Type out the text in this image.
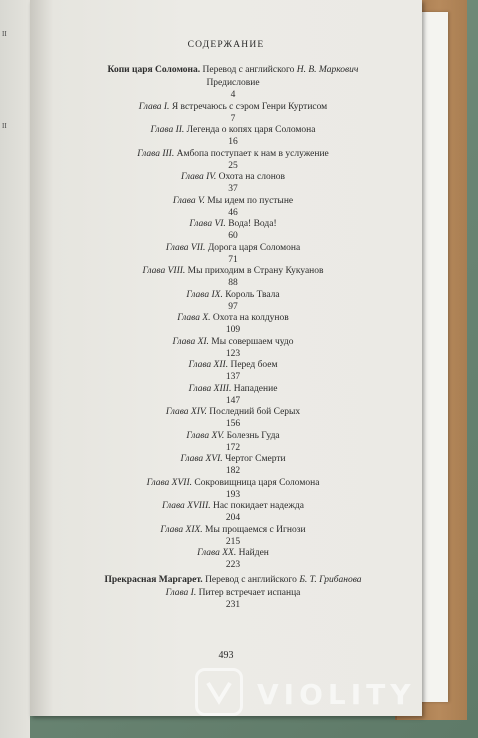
II
II
СОДЕРЖАНИЕ
Копи царя Соломона. Перевод с английского Н. В. Маркович
Предисловие
4
Глава I. Я встречаюсь с сэром Генри Куртисом
7
Глава II. Легенда о копях царя Соломона
16
Глава III. Амбопа поступает к нам в услужение
25
Глава IV. Охота на слонов
37
Глава V. Мы идем по пустыне
46
Глава VI. Вода! Вода!
60
Глава VII. Дорога царя Соломона
71
Глава VIII. Мы приходим в Страну Кукуанов
88
Глава IX. Король Твала
97
Глава X. Охота на колдунов
109
Глава XI. Мы совершаем чудо
123
Глава XII. Перед боем
137
Глава XIII. Нападение
147
Глава XIV. Последний бой Серых
156
Глава XV. Болезнь Гуда
172
Глава XVI. Чертог Смерти
182
Глава XVII. Сокровищница царя Соломона
193
Глава XVIII. Нас покидает надежда
204
Глава XIX. Мы прощаемся с Игнози
215
Глава XX. Найден
223
Прекрасная Маргарет. Перевод с английского Б. Т. Грибанова
Глава I. Питер встречает испанца
231
493
VIOLITY
